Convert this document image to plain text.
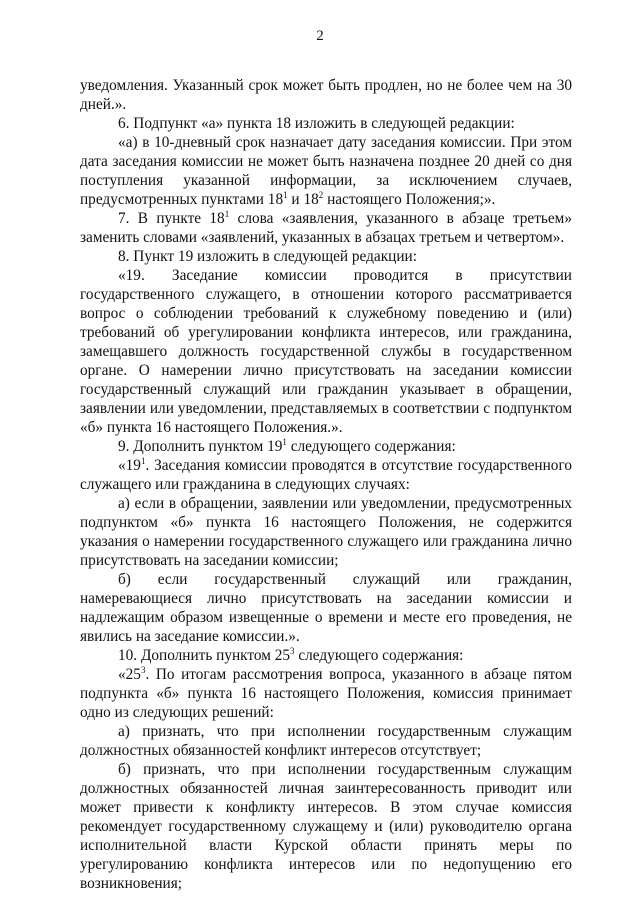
2

уведомления. Указанный срок может быть продлен, но не более чем на 30 дней.».

6. Подпункт «а» пункта 18 изложить в следующей редакции:

«а) в 10-дневный срок назначает дату заседания комиссии. При этом дата заседания комиссии не может быть назначена позднее 20 дней со дня поступления указанной информации, за исключением случаев, предусмотренных пунктами $18^1$ и $18^2$ настоящего Положения;».

7. В пункте $18^1$ слова «заявления, указанного в абзаце третьем» заменить словами «заявлений, указанных в абзацах третьем и четвертом».

8. Пункт 19 изложить в следующей редакции:

«19. Заседание комиссии проводится в присутствии государственного служащего, в отношении которого рассматривается вопрос о соблюдении требований к служебному поведению и (или) требований об урегулировании конфликта интересов, или гражданина, замещавшего должность государственной службы в государственном органе. О намерении лично присутствовать на заседании комиссии государственный служащий или гражданин указывает в обращении, заявлении или уведомлении, представляемых в соответствии с подпунктом «б» пункта 16 настоящего Положения.».

9. Дополнить пунктом $19^1$ следующего содержания:

«$19^1$. Заседания комиссии проводятся в отсутствие государственного служащего или гражданина в следующих случаях:

а) если в обращении, заявлении или уведомлении, предусмотренных подпунктом «б» пункта 16 настоящего Положения, не содержится указания о намерении государственного служащего или гражданина лично присутствовать на заседании комиссии;

б) если государственный служащий или гражданин, намеревающиеся лично присутствовать на заседании комиссии и надлежащим образом извещенные о времени и месте его проведения, не явились на заседание комиссии.».

10. Дополнить пунктом $25^3$ следующего содержания:

«$25^3$. По итогам рассмотрения вопроса, указанного в абзаце пятом подпункта «б» пункта 16 настоящего Положения, комиссия принимает одно из следующих решений:

а) признать, что при исполнении государственным служащим должностных обязанностей конфликт интересов отсутствует;

б) признать, что при исполнении государственным служащим должностных обязанностей личная заинтересованность приводит или может привести к конфликту интересов. В этом случае комиссия рекомендует государственному служащему и (или) руководителю органа исполнительной власти Курской области принять меры по урегулированию конфликта интересов или по недопущению его возникновения;
